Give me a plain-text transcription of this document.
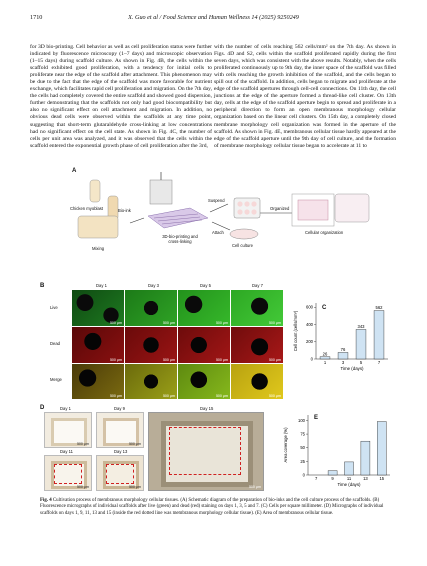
1710	X. Guo et al / Food Science and Human Wellness 14 (2025) 9250249

for 3D bio-printing. Cell behavior as well as cell proliferation status were further indicated by fluorescence microscopy (1–7 days) and microscopic observation (1–15 days) during scaffold culture. As shown in Fig. 4B, the cells within the scaffold exhibited good proliferation, with a tendency for initial cells to proliferate near the edge of the scaffold after attachment. This phenomenon may be due to the fact that the edge of the scaffold was more favorable for nutrient exchange, which facilitates rapid cell proliferation and migration. On the 7th day, the cells had completely covered the entire scaffold and showed good dispersion, further demonstrating that the scaffolds not only had good biocompatibility but also no significant effect on cell attachment and migration. In addition, no obvious dead cells were observed within the scaffolds at any time point, suggesting that short-term glutaraldehyde cross-linking at low concentrations had no significant effect on the cell state. As shown in Fig. 4C, the number of cells per unit area was analyzed, and it was observed that the cells within the scaffold entered the exponential growth phase of cell proliferation after the 3rd,

with the number of cells reaching 562 cells/mm² on the 7th day. As shown in Figs. 4D and S2, cells within the scaffold proliferated rapidly during the first seven days, which was consistent with the above results. Notably, when the cells proliferated continuously up to 9th day, the inner space of the scaffold was filled with cells reaching the growth inhibition of the scaffold, and the cells began to spill out of the scaffold. In addition, cells began to migrate and proliferate at the edge of the scaffold apertures through cell-cell connections. On 11th day, the cell junctions at the edge of the aperture formed a thread-like cell cluster. On 13th day, cells at the edge of the scaffold aperture begin to spread and proliferate in a peripheral direction to form an open membranous morphology cellular organization based on the linear cell clusters. On 15th day, a completely closed membrane morphology cell organization was formed in the aperture of the scaffold. As shown in Fig. 4E, membranous cellular tissue hardly appeared at the edge of the scaffold aperture until the 9th day of cell culture, and the formation of membrane morphology cellular tissue began to accelerate at 11 to

A
Chicken myoblast	Bio-ink
Mixing
3D-bio-printing and cross-linking
Suspend
Attach
Cell culture
Organized
Cellular organization
B	Day 1	Day 3	Day 5	Day 7
Live
Dead
Merge
500 μm	500 μm	500 μm	500 μm
500 μm	500 μm	500 μm	500 μm
500 μm	500 μm	500 μm	500 μm
C
0
200
400
600
1
26
3
76
5
343
7
562
Time (days)
Cell count (cells/mm²)
D	Day 1	Day 9
Day 11	Day 13
Day 15
500 μm	500 μm
500 μm	500 μm	500 μm
E
0
25
50
75
100
7	9	11	13	15
Time (days)
Area coverage (%)
Fig. 4 Cultivation process of membranous morphology cellular tissues. (A) Schematic diagram of the preparation of bio-inks and the cell culture process of the scaffolds. (B) Fluorescence micrographs of individual scaffolds after live (green) and dead (red) staining on days 1, 3, 5 and 7. (C) Cells per square millimeter. (D) Micrographs of individual scaffolds on days 1, 9, 11, 13 and 15 (inside the red dotted line was membranous morphology cellular tissue). (E) Area of membranous cellular tissue.
